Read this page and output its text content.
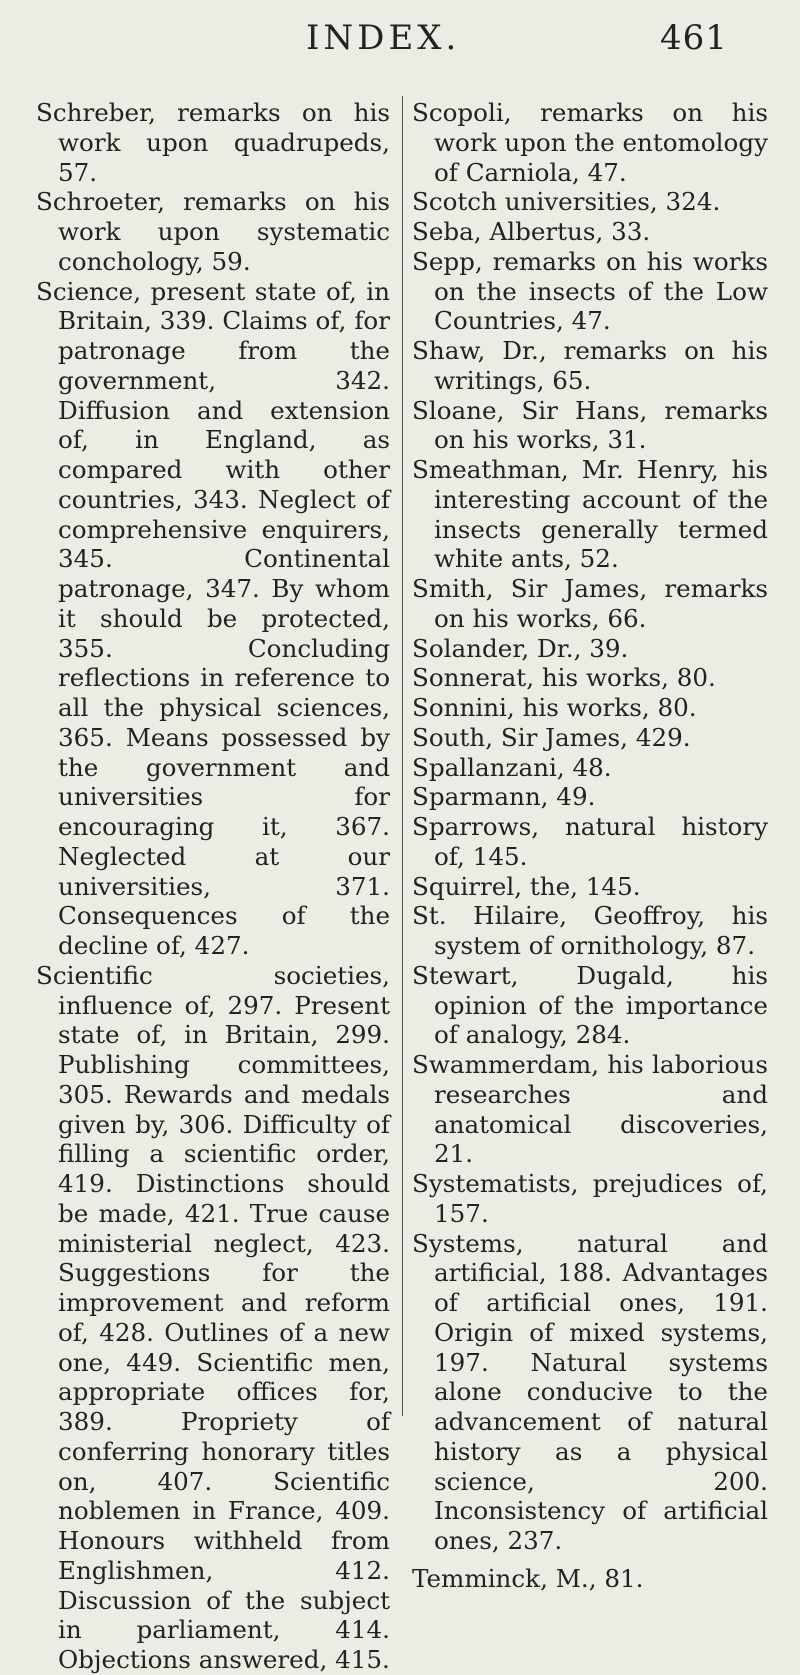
INDEX.	461

Schreber, remarks on his work upon quadrupeds, 57.

Schroeter, remarks on his work upon systematic conchology, 59.

Science, present state of, in Britain, 339. Claims of, for patronage from the government, 342. Diffusion and extension of, in England, as compared with other countries, 343. Neglect of comprehensive enquirers, 345. Continental patronage, 347. By whom it should be protected, 355. Concluding reflections in reference to all the physical sciences, 365. Means possessed by the government and universities for encouraging it, 367. Neglected at our universities, 371. Consequences of the decline of, 427.

Scientific societies, influence of, 297. Present state of, in Britain, 299. Publishing committees, 305. Rewards and medals given by, 306. Difficulty of filling a scientific order, 419. Distinctions should be made, 421. True cause ministerial neglect, 423. Suggestions for the improvement and reform of, 428. Outlines of a new one, 449. Scientific men, appropriate offices for, 389. Propriety of conferring honorary titles on, 407. Scientific noblemen in France, 409. Honours withheld from Englishmen, 412. Discussion of the subject in parliament, 414. Objections answered, 415.

Scopoli, remarks on his work upon the entomology of Carniola, 47.

Scotch universities, 324.

Seba, Albertus, 33.

Sepp, remarks on his works on the insects of the Low Countries, 47.

Shaw, Dr., remarks on his writings, 65.

Sloane, Sir Hans, remarks on his works, 31.

Smeathman, Mr. Henry, his interesting account of the insects generally termed white ants, 52.

Smith, Sir James, remarks on his works, 66.

Solander, Dr., 39.

Sonnerat, his works, 80.

Sonnini, his works, 80.

South, Sir James, 429.

Spallanzani, 48.

Sparmann, 49.

Sparrows, natural history of, 145.

Squirrel, the, 145.

St. Hilaire, Geoffroy, his system of ornithology, 87.

Stewart, Dugald, his opinion of the importance of analogy, 284.

Swammerdam, his laborious researches and anatomical discoveries, 21.

Systematists, prejudices of, 157.

Systems, natural and artificial, 188. Advantages of artificial ones, 191. Origin of mixed systems, 197. Natural systems alone conducive to the advancement of natural history as a physical science, 200. Inconsistency of artificial ones, 237.

Temminck, M., 81.
